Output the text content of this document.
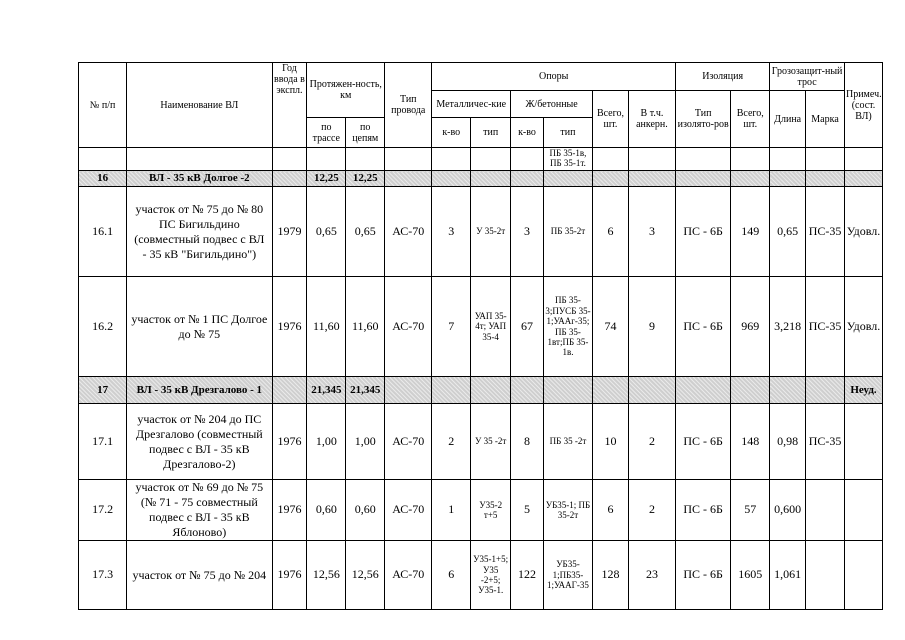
№ п/п	Наименование ВЛ	Год ввода в экспл.	Протяжен-ность, км		Тип провода	Опоры						Изоляция		Грозозащит-ный трос		Примеч. (сост. ВЛ)
						Металличес-кие		Ж/бетонные		Всего, шт.	В т.ч. анкерн.	Тип изолято-ров	Всего, шт.	Длина	Марка	
			по трассе	по цепям		к-во	тип	к-во	тип							
									ПБ 35-1в, ПБ 35-1т.							
16	ВЛ - 35 кВ Долгое -2		12,25	12,25												
16.1	участок от № 75 до № 80 ПС Бигильдино (совместный подвес с ВЛ - 35 кВ "Бигильдино")	1979	0,65	0,65	АС-70	3	У 35-2т	3	ПБ 35-2т	6	3	ПС - 6Б	149	0,65	ПС-35	Удовл.
16.2	участок от № 1 ПС Долгое до № 75	1976	11,60	11,60	АС-70	7	УАП 35-4т; УАП 35-4	67	ПБ 35-3;ПУСБ 35-1;УААг-35; ПБ 35-1вт;ПБ 35-1в.	74	9	ПС - 6Б	969	3,218	ПС-35	Удовл.
17	ВЛ - 35 кВ Дрезгалово - 1		21,345	21,345												Неуд.
17.1	участок от № 204 до ПС Дрезгалово (совместный подвес с ВЛ - 35 кВ Дрезгалово-2)	1976	1,00	1,00	АС-70	2	У 35 -2т	8	ПБ 35 -2т	10	2	ПС - 6Б	148	0,98	ПС-35	
17.2	участок от № 69 до № 75 (№ 71 - 75 совместный подвес с ВЛ - 35 кВ Яблоново)	1976	0,60	0,60	АС-70	1	У35-2 т+5	5	УБ35-1; ПБ 35-2т	6	2	ПС - 6Б	57	0,600		
17.3	участок от № 75 до № 204	1976	12,56	12,56	АС-70	6	У35-1+5; У35 -2+5; У35-1.	122	УБ35-1;ПБ35-1;УААГ-35	128	23	ПС - 6Б	1605	1,061		
